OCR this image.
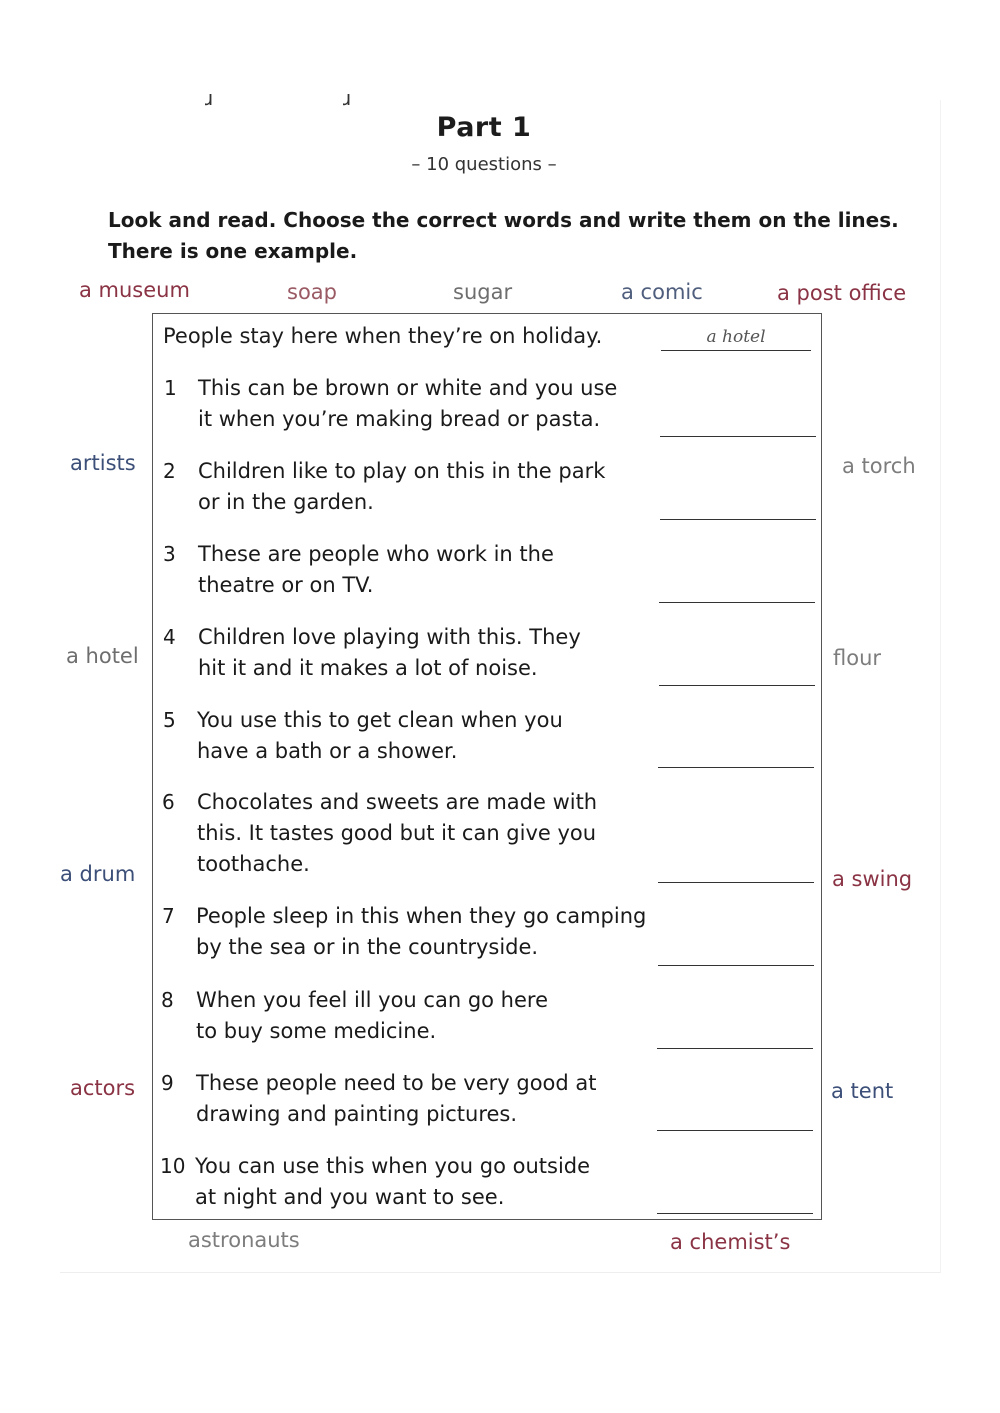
ɹ	ɹ
Part 1
– 10 questions –
Look and read. Choose the correct words and write them on the lines.
There is one example.
a museum	soap	sugar	a comic	a post office
artists	a torch
a hotel	flour
a drum	a swing
actors	a tent
astronauts	a chemist’s
People stay here when they’re on holiday.	a hotel
1	This can be brown or white and you use
it when you’re making bread or pasta.
2	Children like to play on this in the park
or in the garden.
3	These are people who work in the
theatre or on TV.
4	Children love playing with this. They
hit it and it makes a lot of noise.
5	You use this to get clean when you
have a bath or a shower.
6	Chocolates and sweets are made with
this. It tastes good but it can give you
toothache.
7	People sleep in this when they go camping
by the sea or in the countryside.
8	When you feel ill you can go here
to buy some medicine.
9	These people need to be very good at
drawing and painting pictures.
10 You can use this when you go outside
at night and you want to see.
